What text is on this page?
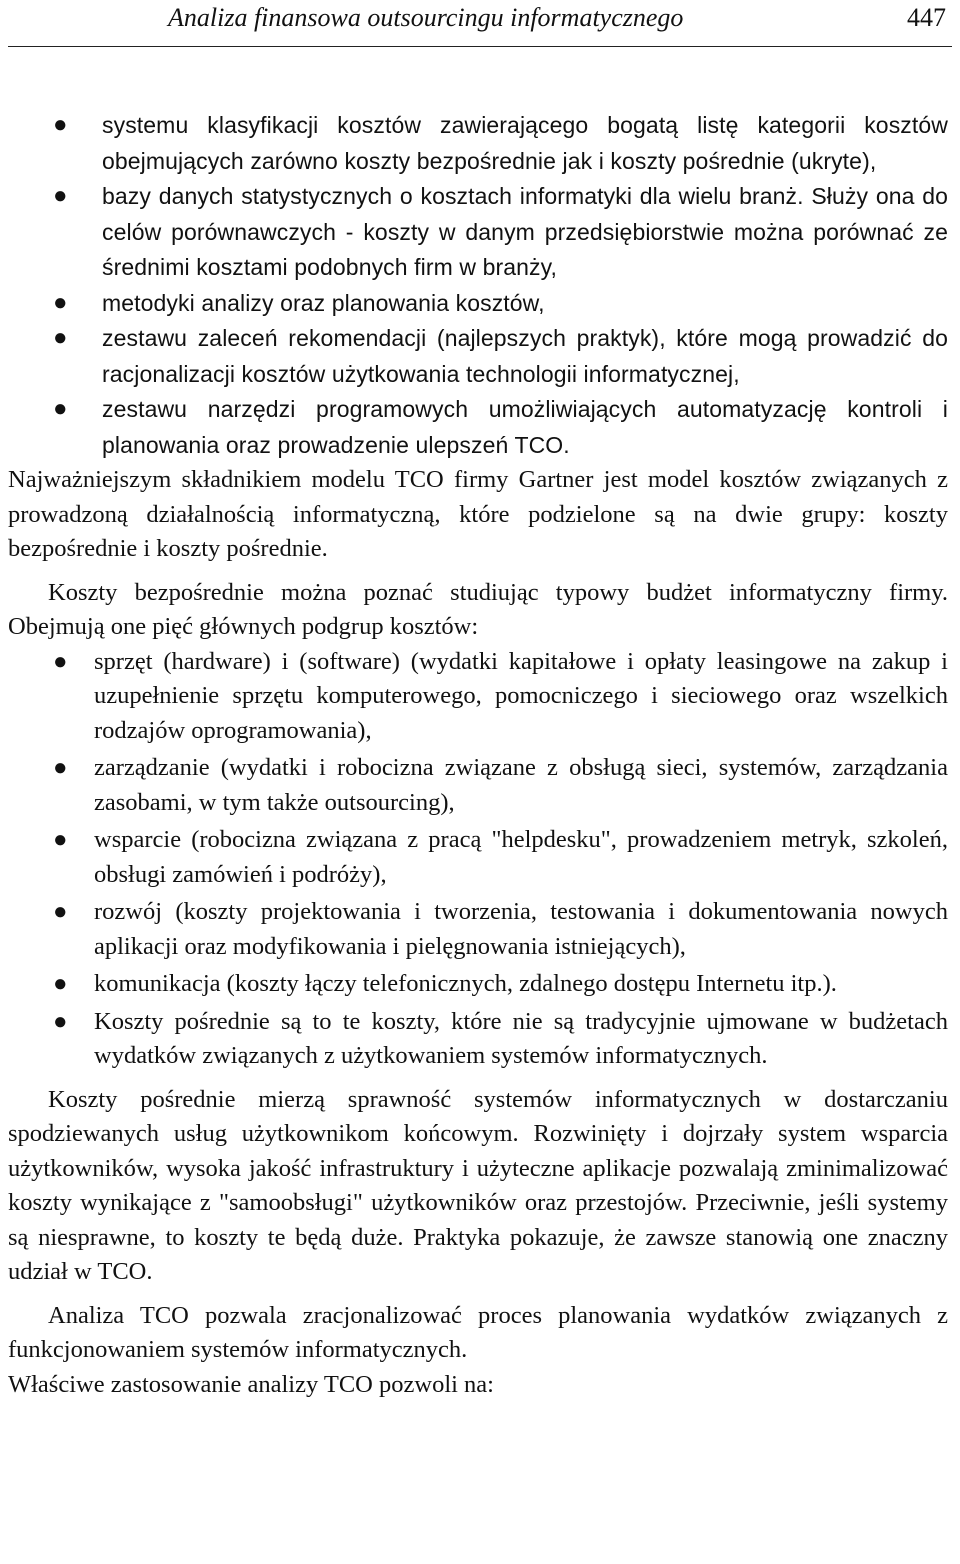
Analiza finansowa outsourcingu informatycznego	447

● systemu klasyfikacji kosztów zawierającego bogatą listę kategorii kosztów obejmujących zarówno koszty bezpośrednie jak i koszty pośrednie (ukryte),

● bazy danych statystycznych o kosztach informatyki dla wielu branż. Służy ona do celów porównawczych - koszty w danym przedsiębiorstwie można porównać ze średnimi kosztami podobnych firm w branży,

● metodyki analizy oraz planowania kosztów,

● zestawu zaleceń rekomendacji (najlepszych praktyk), które mogą prowadzić do racjonalizacji kosztów użytkowania technologii informatycznej,

● zestawu narzędzi programowych umożliwiających automatyzację kontroli i planowania oraz prowadzenie ulepszeń TCO.

Najważniejszym składnikiem modelu TCO firmy Gartner jest model kosztów związanych z prowadzoną działalnością informatyczną, które podzielone są na dwie grupy: koszty bezpośrednie i koszty pośrednie.

Koszty bezpośrednie można poznać studiując typowy budżet informatyczny firmy. Obejmują one pięć głównych podgrup kosztów:

● sprzęt (hardware) i (software) (wydatki kapitałowe i opłaty leasingowe na zakup i uzupełnienie sprzętu komputerowego, pomocniczego i sieciowego oraz wszelkich rodzajów oprogramowania),

● zarządzanie (wydatki i robocizna związane z obsługą sieci, systemów, zarządzania zasobami, w tym także outsourcing),

● wsparcie (robocizna związana z pracą "helpdesku", prowadzeniem metryk, szkoleń, obsługi zamówień i podróży),

● rozwój (koszty projektowania i tworzenia, testowania i dokumentowania nowych aplikacji oraz modyfikowania i pielęgnowania istniejących),

● komunikacja (koszty łączy telefonicznych, zdalnego dostępu Internetu itp.).

● Koszty pośrednie są to te koszty, które nie są tradycyjnie ujmowane w budżetach wydatków związanych z użytkowaniem systemów informatycznych.

Koszty pośrednie mierzą sprawność systemów informatycznych w dostarczaniu spodziewanych usług użytkownikom końcowym. Rozwinięty i dojrzały system wsparcia użytkowników, wysoka jakość infrastruktury i użyteczne aplikacje pozwalają zminimalizować koszty wynikające z "samoobsługi" użytkowników oraz przestojów. Przeciwnie, jeśli systemy są niesprawne, to koszty te będą duże. Praktyka pokazuje, że zawsze stanowią one znaczny udział w TCO.

Analiza TCO pozwala zracjonalizować proces planowania wydatków związanych z funkcjonowaniem systemów informatycznych.

Właściwe zastosowanie analizy TCO pozwoli na:
